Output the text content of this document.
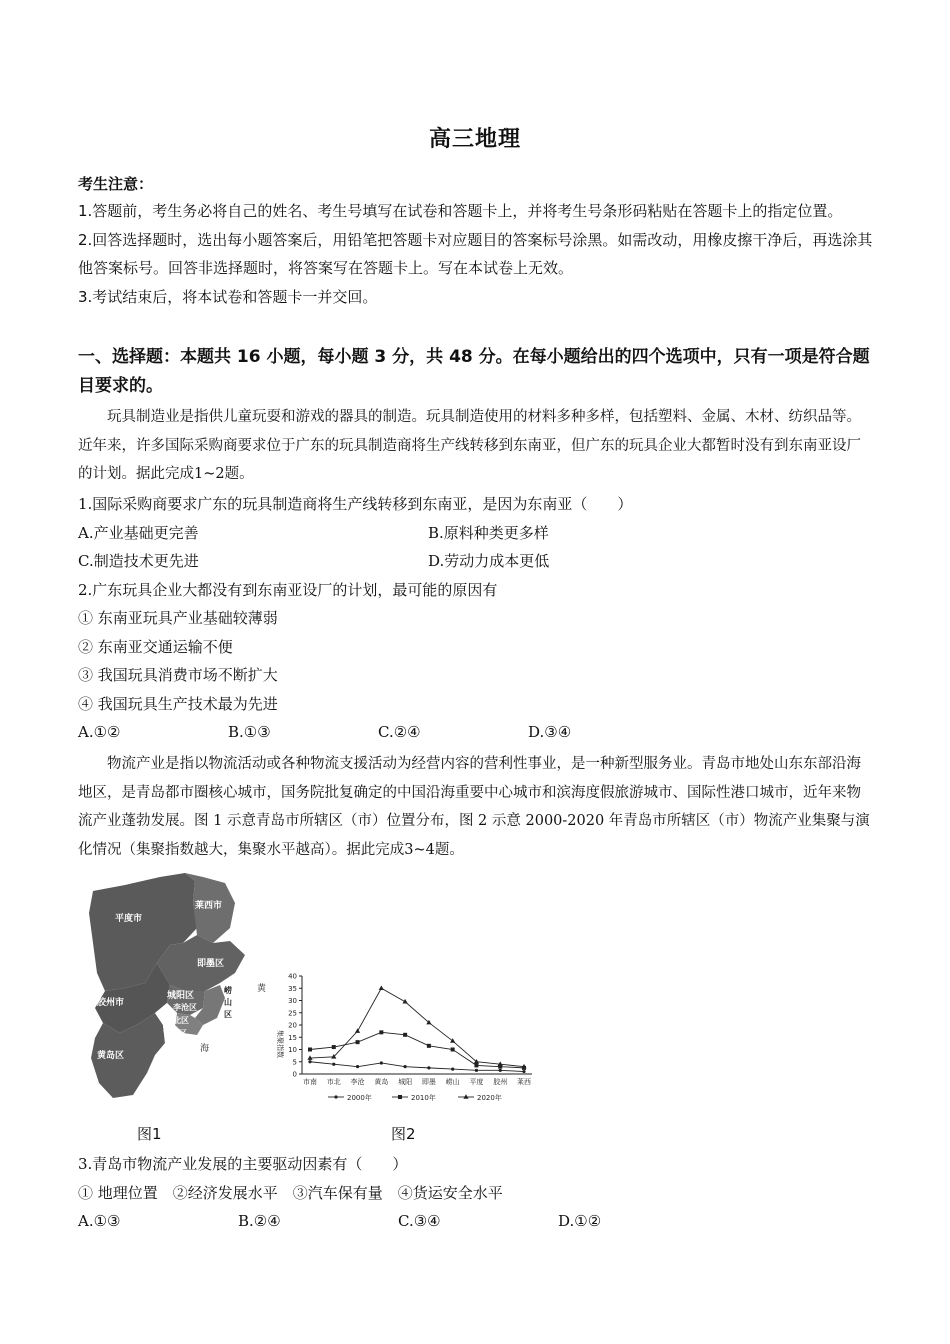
高三地理
考生注意：

1.答题前，考生务必将自己的姓名、考生号填写在试卷和答题卡上，并将考生号条形码粘贴在答题卡上的指定位置。

2.回答选择题时，选出每小题答案后，用铅笔把答题卡对应题目的答案标号涂黑。如需改动，用橡皮擦干净后，再选涂其他答案标号。回答非选择题时，将答案写在答题卡上。写在本试卷上无效。

3.考试结束后，将本试卷和答题卡一并交回。

一、选择题：本题共 16 小题，每小题 3 分，共 48 分。在每小题给出的四个选项中，只有一项是符合题目要求的。

玩具制造业是指供儿童玩耍和游戏的器具的制造。玩具制造使用的材料多种多样，包括塑料、金属、木材、纺织品等。近年来，许多国际采购商要求位于广东的玩具制造商将生产线转移到东南亚，但广东的玩具企业大都暂时没有到东南亚设厂的计划。据此完成1~2题。

1.国际采购商要求广东的玩具制造商将生产线转移到东南亚，是因为东南亚（　　）

A.产业基础更完善	B.原料种类更多样
C.制造技术更先进	D.劳动力成本更低

2.广东玩具企业大都没有到东南亚设厂的计划，最可能的原因有

① 东南亚玩具产业基础较薄弱

② 东南亚交通运输不便

③ 我国玩具消费市场不断扩大

④ 我国玩具生产技术最为先进

A.①②	B.①③	C.②④	D.③④

物流产业是指以物流活动或各种物流支援活动为经营内容的营利性事业，是一种新型服务业。青岛市地处山东东部沿海地区，是青岛都市圈核心城市，国务院批复确定的中国沿海重要中心城市和滨海度假旅游城市、国际性港口城市，近年来物流产业蓬勃发展。图 1 示意青岛市所辖区（市）位置分布，图 2 示意 2000-2020 年青岛市所辖区（市）物流产业集聚与演化情况（集聚指数越大，集聚水平越高）。据此完成3~4题。

平度市
莱西市
即墨区
胶州市
城阳区
崂
山
区
李沧区
市北区
市南区
黄岛区
黄
海
0
5
10
15
20
25
30
35
40
市南 市北 李沧 黄岛 城阳 即墨 崂山 平度 胶州 莱西
2000年	2010年	2020年
集聚指数
图1	图2

3.青岛市物流产业发展的主要驱动因素有（　　）

① 地理位置　②经济发展水平　③汽车保有量　④货运安全水平

A.①③	B.②④	C.③④	D.①②
